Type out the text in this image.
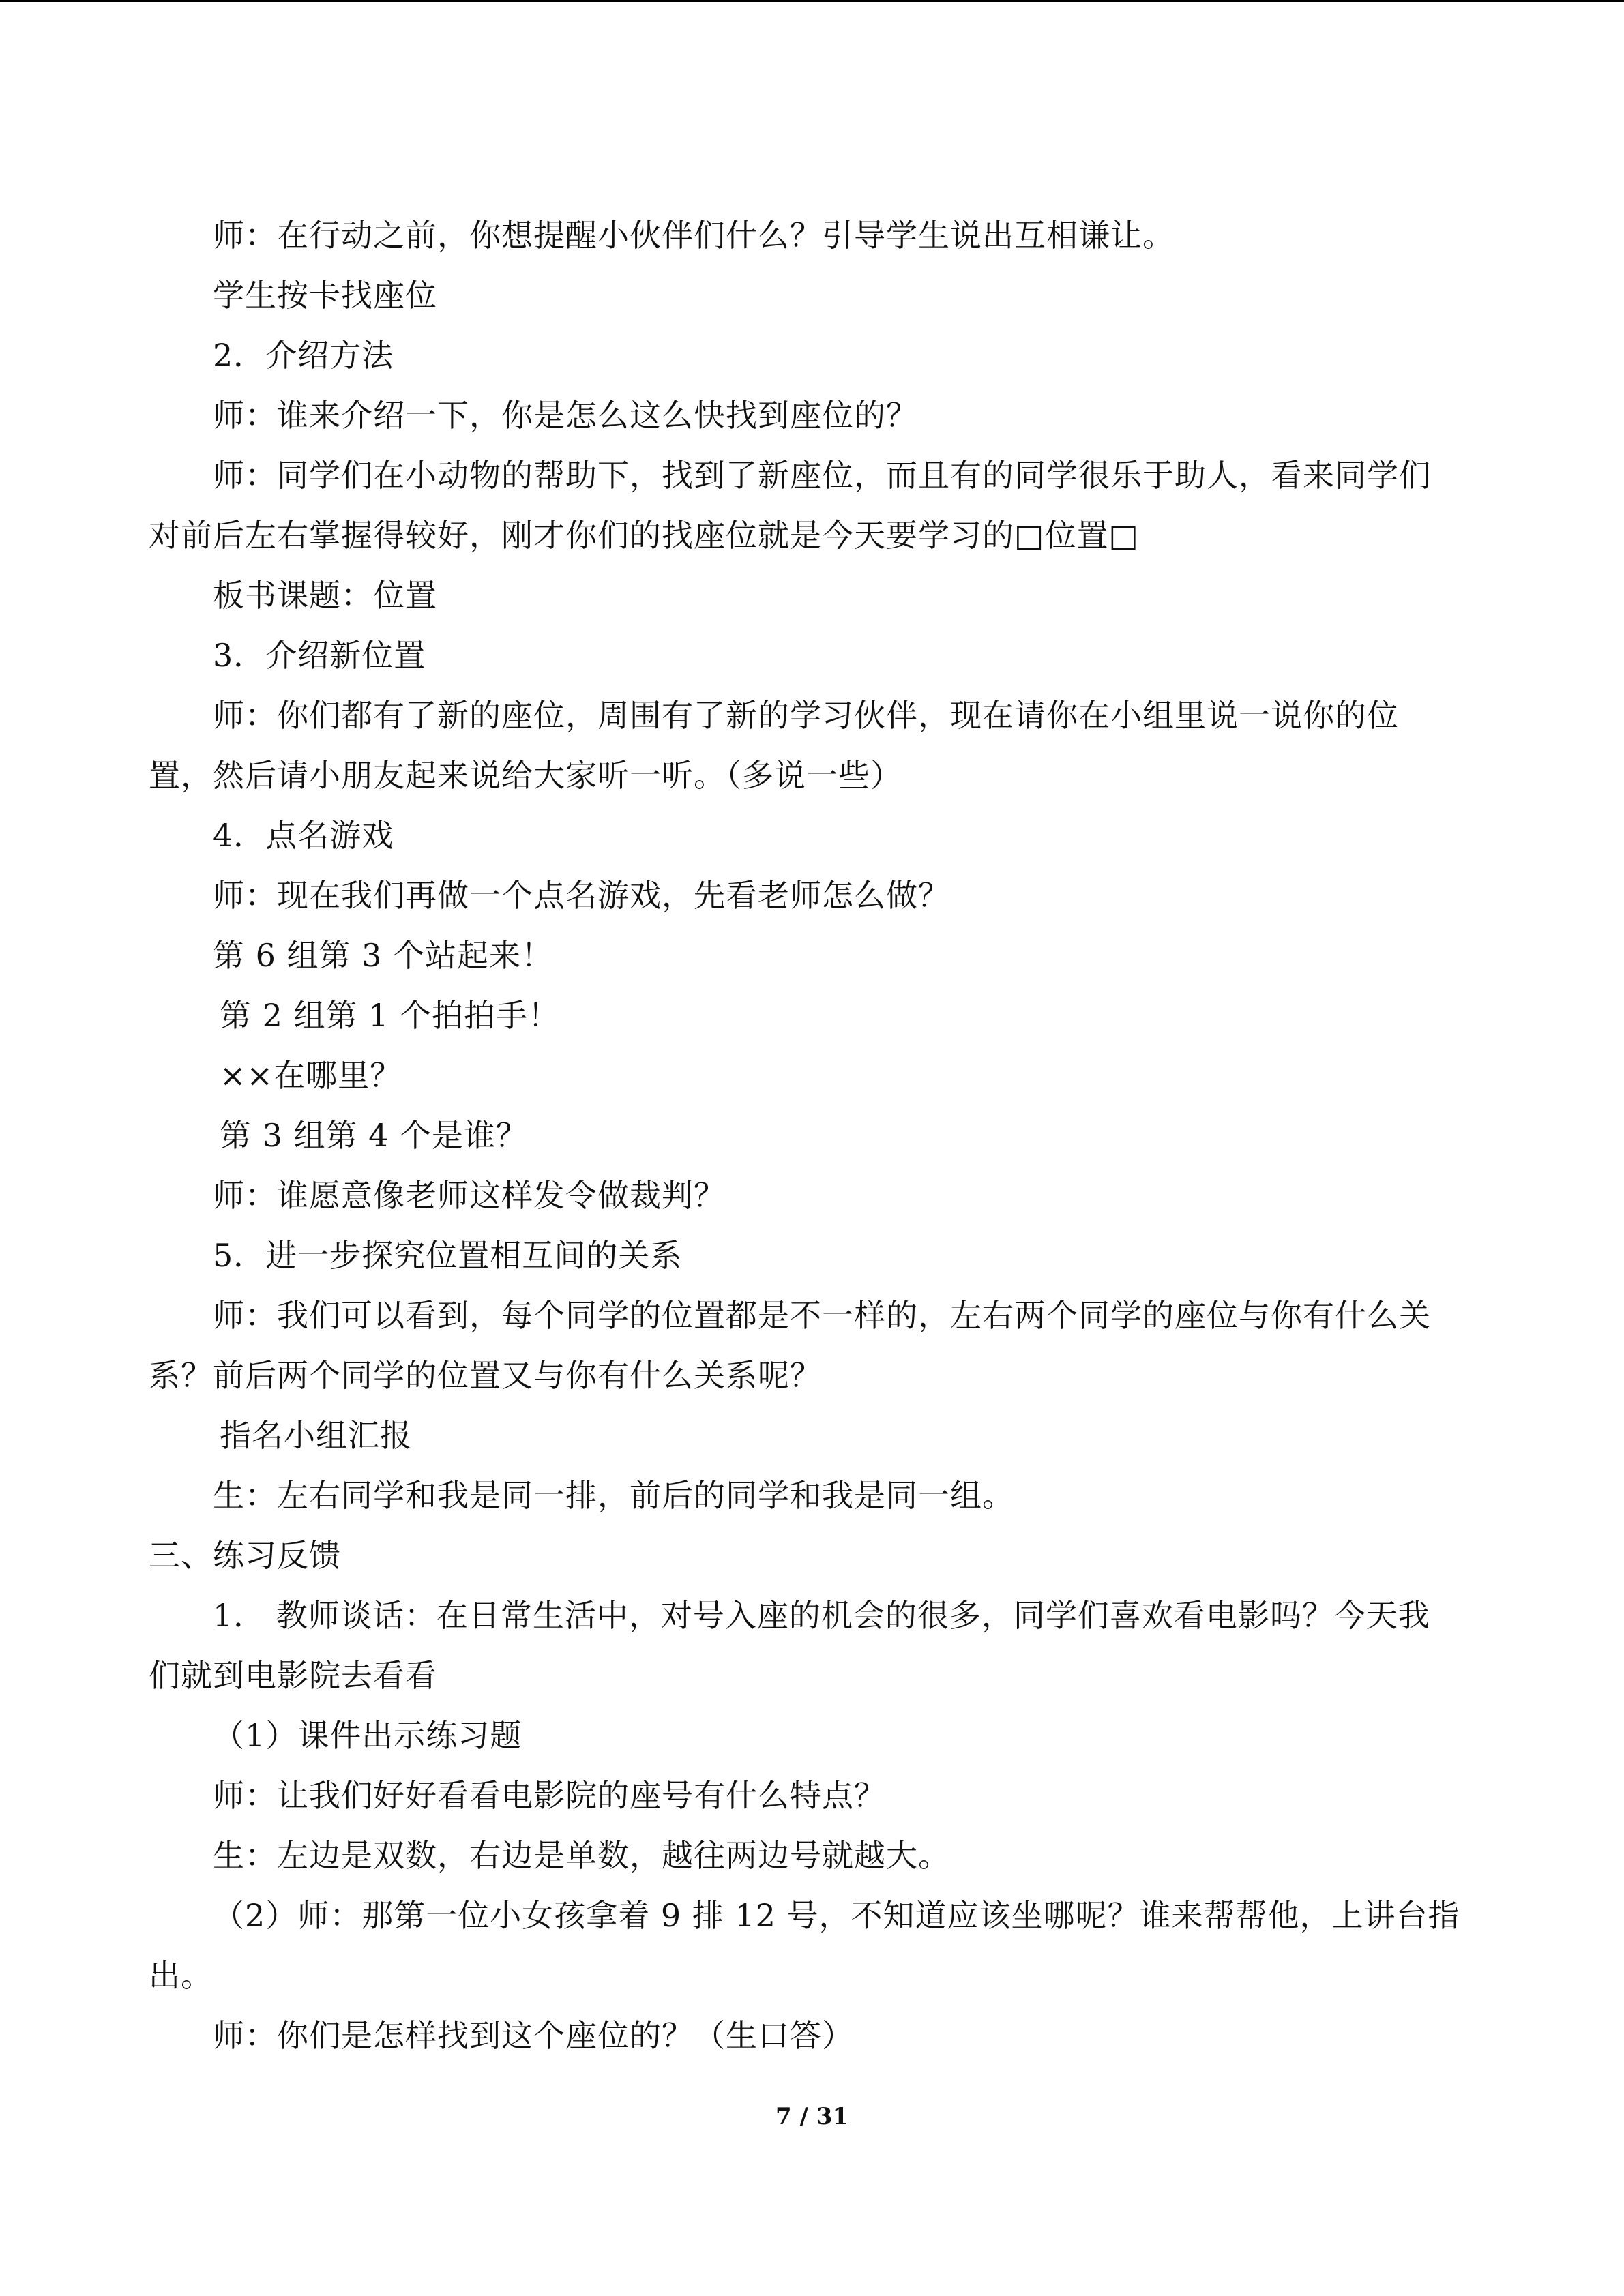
师：在行动之前，你想提醒小伙伴们什么？引导学生说出互相谦让。
学生按卡找座位
2．介绍方法
师：谁来介绍一下，你是怎么这么快找到座位的？
师：同学们在小动物的帮助下，找到了新座位，而且有的同学很乐于助人，看来同学们
对前后左右掌握得较好，刚才你们的找座位就是今天要学习的□位置□
板书课题：位置
3．介绍新位置
师：你们都有了新的座位，周围有了新的学习伙伴，现在请你在小组里说一说你的位
置，然后请小朋友起来说给大家听一听。（多说一些）
4．点名游戏
师：现在我们再做一个点名游戏，先看老师怎么做？
第 6 组第 3 个站起来！
第 2 组第 1 个拍拍手！
××在哪里？
第 3 组第 4 个是谁？
师：谁愿意像老师这样发令做裁判？
5．进一步探究位置相互间的关系
师：我们可以看到，每个同学的位置都是不一样的，左右两个同学的座位与你有什么关
系？前后两个同学的位置又与你有什么关系呢？
指名小组汇报
生：左右同学和我是同一排，前后的同学和我是同一组。
三、练习反馈
1． 教师谈话：在日常生活中，对号入座的机会的很多，同学们喜欢看电影吗？今天我
们就到电影院去看看
（1）课件出示练习题
师：让我们好好看看电影院的座号有什么特点？
生：左边是双数，右边是单数，越往两边号就越大。
（2）师：那第一位小女孩拿着 9 排 12 号，不知道应该坐哪呢？谁来帮帮他，上讲台指
出。
师：你们是怎样找到这个座位的？（生口答）
7 / 31
